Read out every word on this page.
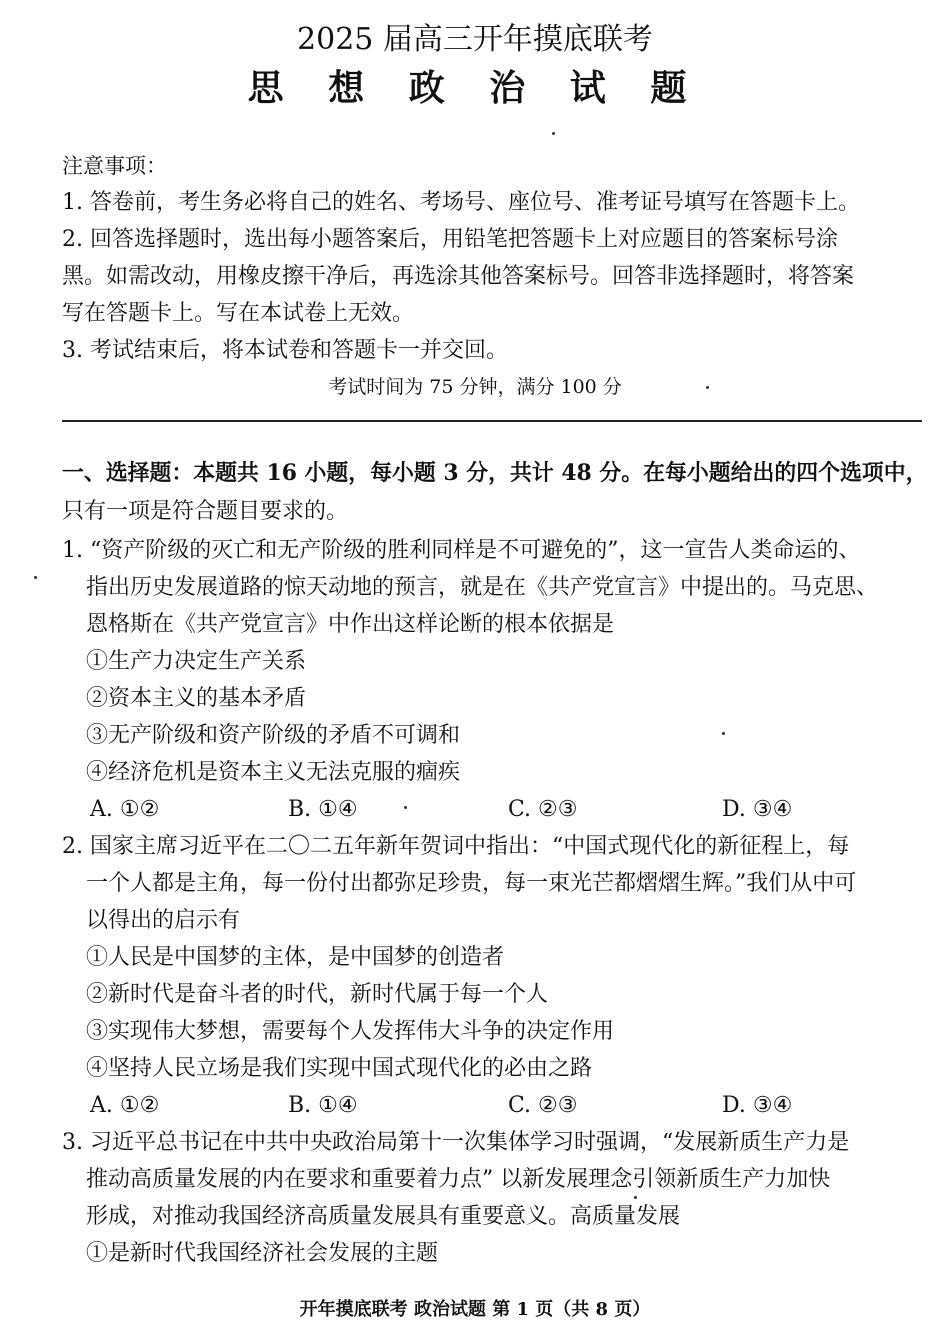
2025 届高三开年摸底联考
思 想 政 治 试 题
注意事项：
1. 答卷前，考生务必将自己的姓名、考场号、座位号、准考证号填写在答题卡上。
2. 回答选择题时，选出每小题答案后，用铅笔把答题卡上对应题目的答案标号涂
黑。如需改动，用橡皮擦干净后，再选涂其他答案标号。回答非选择题时，将答案
写在答题卡上。写在本试卷上无效。
3. 考试结束后，将本试卷和答题卡一并交回。
考试时间为 75 分钟，满分 100 分
一、选择题：本题共 16 小题，每小题 3 分，共计 48 分。在每小题给出的四个选项中，
只有一项是符合题目要求的。
1. “资产阶级的灭亡和无产阶级的胜利同样是不可避免的”，这一宣告人类命运的、
指出历史发展道路的惊天动地的预言，就是在《共产党宣言》中提出的。马克思、
恩格斯在《共产党宣言》中作出这样论断的根本依据是
①生产力决定生产关系
②资本主义的基本矛盾
③无产阶级和资产阶级的矛盾不可调和
④经济危机是资本主义无法克服的痼疾
A. ①②	B. ①④	C. ②③	D. ③④
2. 国家主席习近平在二〇二五年新年贺词中指出：“中国式现代化的新征程上，每
一个人都是主角，每一份付出都弥足珍贵，每一束光芒都熠熠生辉。”我们从中可
以得出的启示有
①人民是中国梦的主体，是中国梦的创造者
②新时代是奋斗者的时代，新时代属于每一个人
③实现伟大梦想，需要每个人发挥伟大斗争的决定作用
④坚持人民立场是我们实现中国式现代化的必由之路
A. ①②	B. ①④	C. ②③	D. ③④
3. 习近平总书记在中共中央政治局第十一次集体学习时强调，“发展新质生产力是
推动高质量发展的内在要求和重要着力点” 以新发展理念引领新质生产力加快
形成，对推动我国经济高质量发展具有重要意义。高质量发展
①是新时代我国经济社会发展的主题
开年摸底联考 政治试题 第 1 页（共 8 页）
